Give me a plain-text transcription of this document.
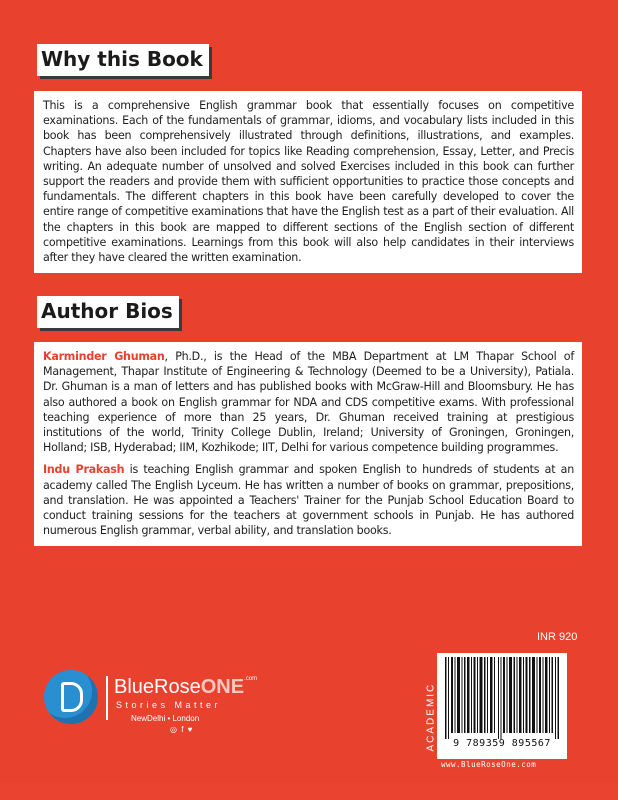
Why this Book

This is a comprehensive English grammar book that essentially focuses on competitive examinations. Each of the fundamentals of grammar, idioms, and vocabulary lists included in this book has been comprehensively illustrated through definitions, illustrations, and examples. Chapters have also been included for topics like Reading comprehension, Essay, Letter, and Precis writing. An adequate number of unsolved and solved Exercises included in this book can further support the readers and provide them with sufficient opportunities to practice those concepts and fundamentals. The different chapters in this book have been carefully developed to cover the entire range of competitive examinations that have the English test as a part of their evaluation. All the chapters in this book are mapped to different sections of the English section of different competitive examinations. Learnings from this book will also help candidates in their interviews after they have cleared the written examination.

Author Bios

Karminder Ghuman, Ph.D., is the Head of the MBA Department at LM Thapar School of Management, Thapar Institute of Engineering & Technology (Deemed to be a University), Patiala. Dr. Ghuman is a man of letters and has published books with McGraw-Hill and Bloomsbury. He has also authored a book on English grammar for NDA and CDS competitive exams. With professional teaching experience of more than 25 years, Dr. Ghuman received training at prestigious institutions of the world, Trinity College Dublin, Ireland; University of Groningen, Groningen, Holland; ISB, Hyderabad; IIM, Kozhikode; IIT, Delhi for various competence building programmes.

Indu Prakash is teaching English grammar and spoken English to hundreds of students at an academy called The English Lyceum. He has written a number of books on grammar, prepositions, and translation. He was appointed a Teachers' Trainer for the Punjab School Education Board to conduct training sessions for the teachers at government schools in Punjab. He has authored numerous English grammar, verbal ability, and translation books.

BlueRoseONE$^{.com}$
Stories Matter
NewDelhi • London
◎ f ♥
INR 920
ACADEMIC	9 789359 895567
www.BlueRoseOne.com
